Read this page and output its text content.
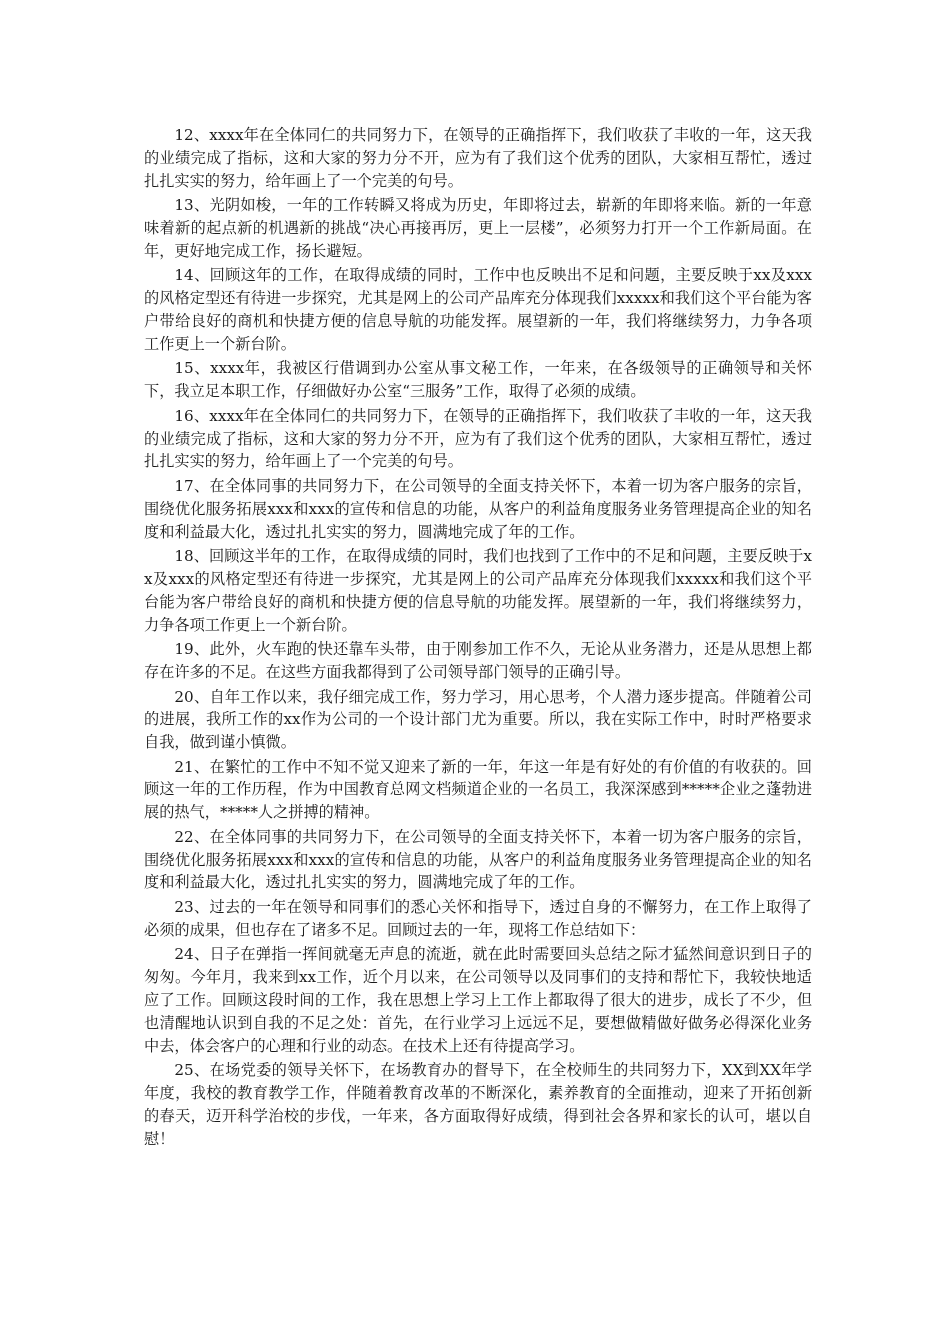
12、xxxx年在全体同仁的共同努力下，在领导的正确指挥下，我们收获了丰收的一年，这天我的业绩完成了指标，这和大家的努力分不开，应为有了我们这个优秀的团队，大家相互帮忙，透过扎扎实实的努力，给年画上了一个完美的句号。

13、光阴如梭，一年的工作转瞬又将成为历史，年即将过去，崭新的年即将来临。新的一年意味着新的起点新的机遇新的挑战“决心再接再厉，更上一层楼”，必须努力打开一个工作新局面。在年，更好地完成工作，扬长避短。

14、回顾这年的工作，在取得成绩的同时，工作中也反映出不足和问题，主要反映于xx及xxx的风格定型还有待进一步探究，尤其是网上的公司产品库充分体现我们xxxxx和我们这个平台能为客户带给良好的商机和快捷方便的信息导航的功能发挥。展望新的一年，我们将继续努力，力争各项工作更上一个新台阶。

15、xxxx年，我被区行借调到办公室从事文秘工作，一年来，在各级领导的正确领导和关怀下，我立足本职工作，仔细做好办公室“三服务”工作，取得了必须的成绩。

16、xxxx年在全体同仁的共同努力下，在领导的正确指挥下，我们收获了丰收的一年，这天我的业绩完成了指标，这和大家的努力分不开，应为有了我们这个优秀的团队，大家相互帮忙，透过扎扎实实的努力，给年画上了一个完美的句号。

17、在全体同事的共同努力下，在公司领导的全面支持关怀下，本着一切为客户服务的宗旨，围绕优化服务拓展xxx和xxx的宣传和信息的功能，从客户的利益角度服务业务管理提高企业的知名度和利益最大化，透过扎扎实实的努力，圆满地完成了年的工作。

18、回顾这半年的工作，在取得成绩的同时，我们也找到了工作中的不足和问题，主要反映于xx及xxx的风格定型还有待进一步探究，尤其是网上的公司产品库充分体现我们xxxxx和我们这个平台能为客户带给良好的商机和快捷方便的信息导航的功能发挥。展望新的一年，我们将继续努力，力争各项工作更上一个新台阶。

19、此外，火车跑的快还靠车头带，由于刚参加工作不久，无论从业务潜力，还是从思想上都存在许多的不足。在这些方面我都得到了公司领导部门领导的正确引导。

20、自年工作以来，我仔细完成工作，努力学习，用心思考，个人潜力逐步提高。伴随着公司的进展，我所工作的xx作为公司的一个设计部门尤为重要。所以，我在实际工作中，时时严格要求自我，做到谨小慎微。

21、在繁忙的工作中不知不觉又迎来了新的一年，年这一年是有好处的有价值的有收获的。回顾这一年的工作历程，作为中国教育总网文档频道企业的一名员工，我深深感到*****企业之蓬勃进展的热气，*****人之拼搏的精神。

22、在全体同事的共同努力下，在公司领导的全面支持关怀下，本着一切为客户服务的宗旨，围绕优化服务拓展xxx和xxx的宣传和信息的功能，从客户的利益角度服务业务管理提高企业的知名度和利益最大化，透过扎扎实实的努力，圆满地完成了年的工作。

23、过去的一年在领导和同事们的悉心关怀和指导下，透过自身的不懈努力，在工作上取得了必须的成果，但也存在了诸多不足。回顾过去的一年，现将工作总结如下：

24、日子在弹指一挥间就毫无声息的流逝，就在此时需要回头总结之际才猛然间意识到日子的匆匆。今年月，我来到xx工作，近个月以来，在公司领导以及同事们的支持和帮忙下，我较快地适应了工作。回顾这段时间的工作，我在思想上学习上工作上都取得了很大的进步，成长了不少，但也清醒地认识到自我的不足之处：首先，在行业学习上远远不足，要想做精做好做务必得深化业务中去，体会客户的心理和行业的动态。在技术上还有待提高学习。

25、在场党委的领导关怀下，在场教育办的督导下，在全校师生的共同努力下，XX到XX年学年度，我校的教育教学工作，伴随着教育改革的不断深化，素养教育的全面推动，迎来了开拓创新的春天，迈开科学治校的步伐，一年来，各方面取得好成绩，得到社会各界和家长的认可，堪以自慰！
